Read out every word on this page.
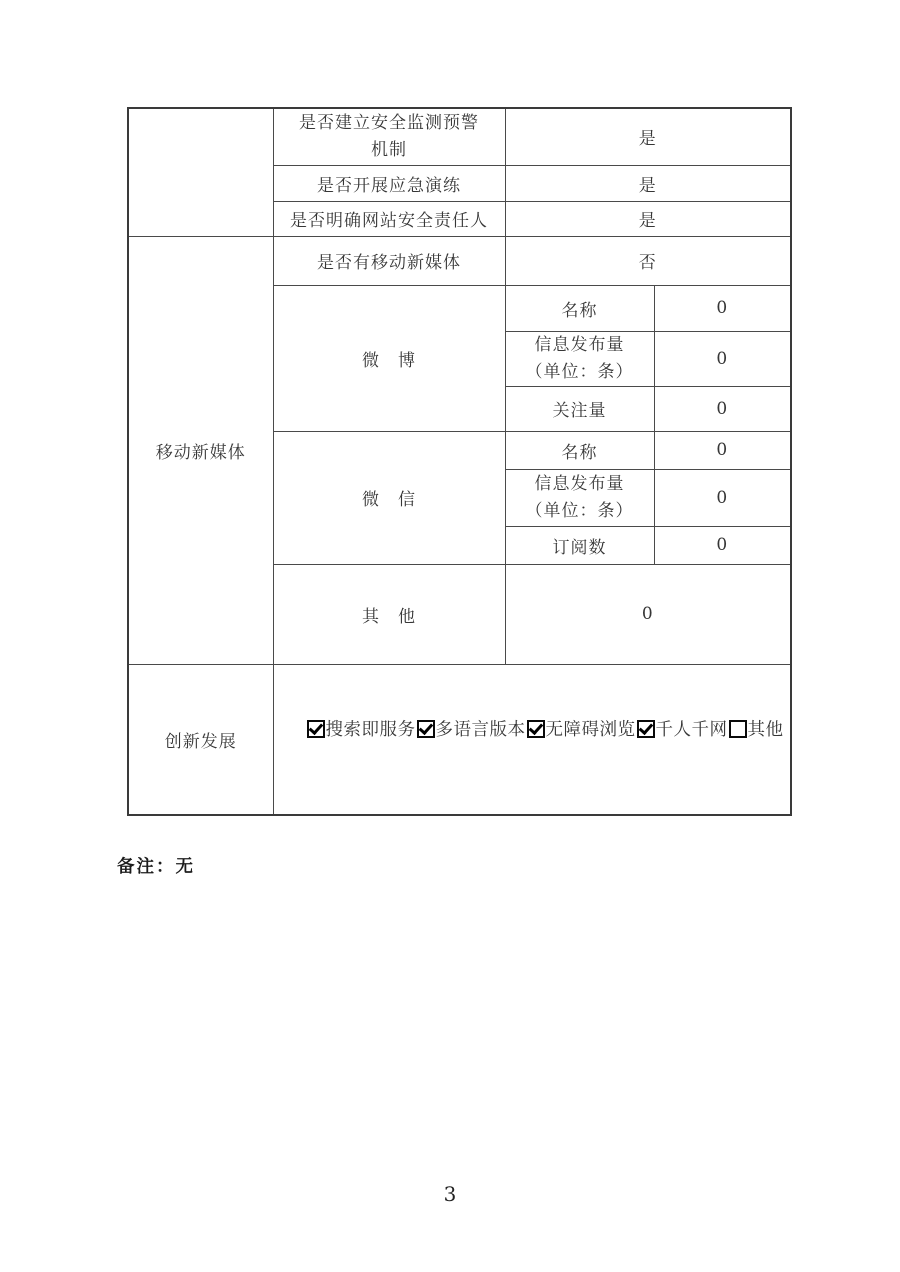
	是否建立安全监测预警
机制	是	
	是否开展应急演练	是	
	是否明确网站安全责任人	是	
移动新媒体	是否有移动新媒体	否	
	微　博	名称	0

		信息发布量
（单位：条）	0
		关注量	0
	微　信	名称	0

		信息发布量
（单位：条）	0
		订阅数	0
	其　他	0	
创新发展	搜索即服务 多语言版本 无障碍浏览 千人千网 其他		
备注：无
3
